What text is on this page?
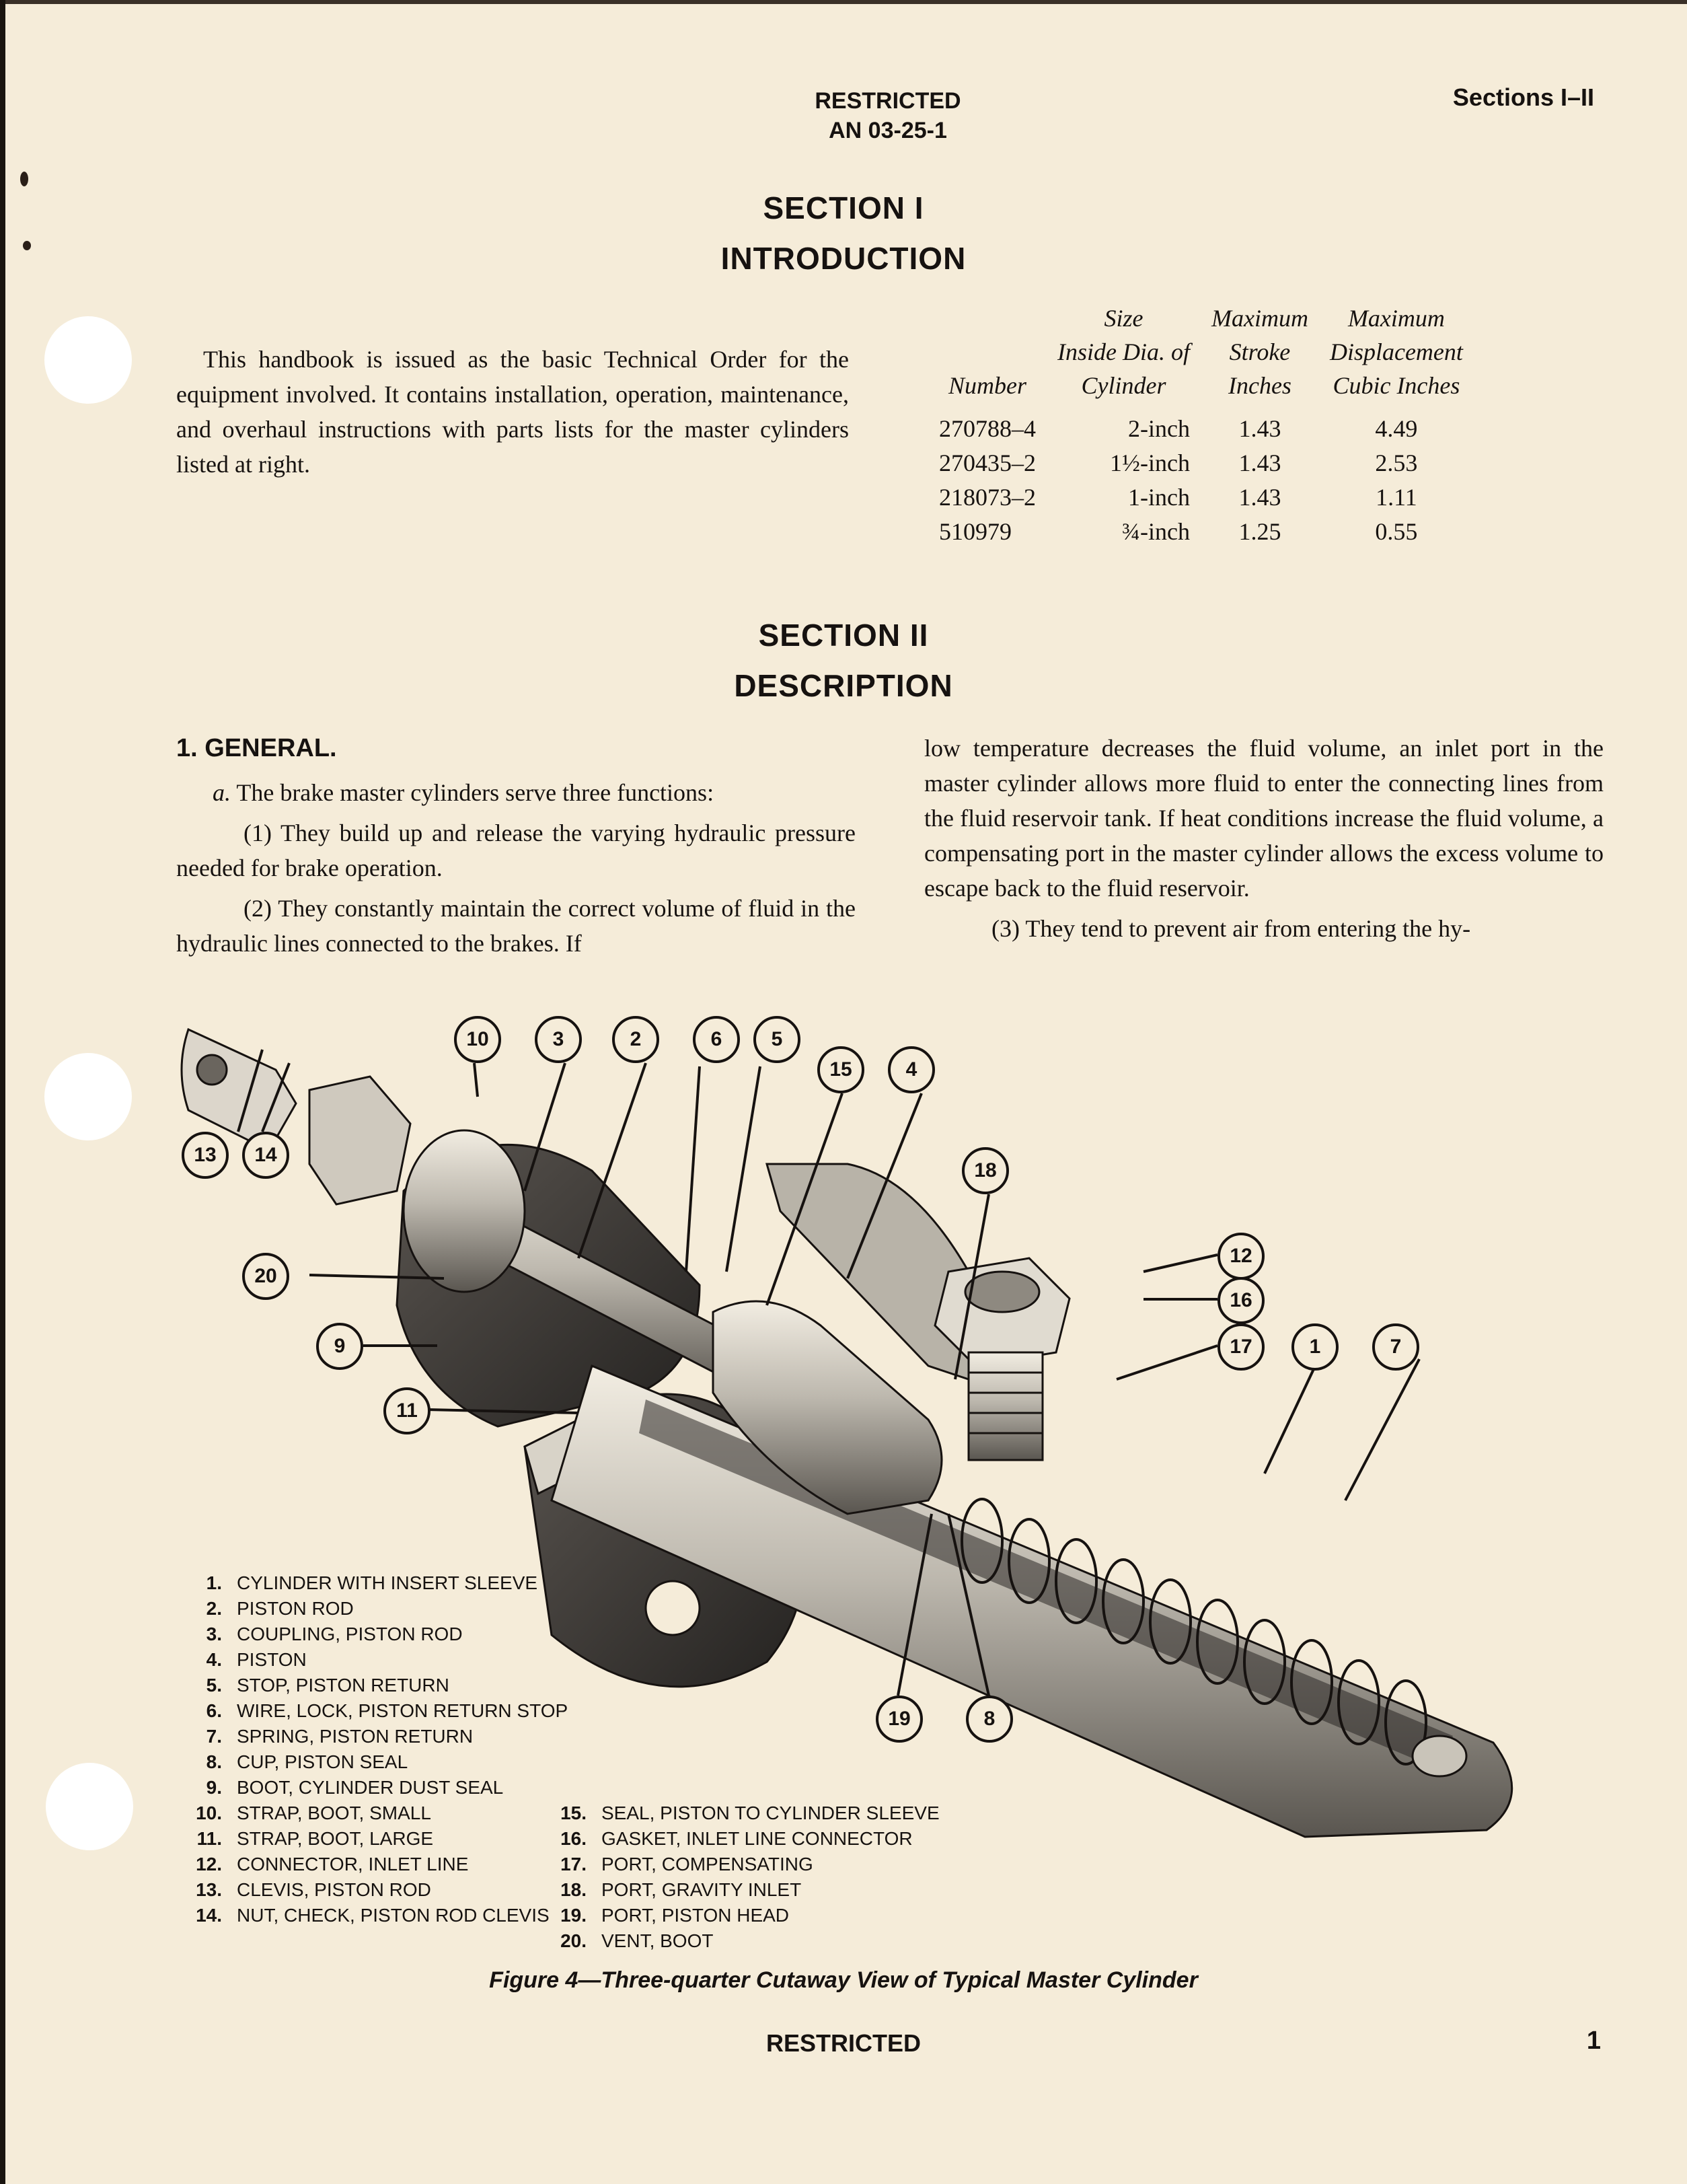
RESTRICTED
AN 03-25-1
Sections I–II
SECTION I
INTRODUCTION

This handbook is issued as the basic Technical Order for the equipment involved. It contains installation, operation, maintenance, and overhaul instructions with parts lists for the master cylinders listed at right.

Number	
Size
Inside Dia. of
Cylinder

Maximum
Stroke
Inches

Maximum
Displacement
Cubic Inches

270788–4	2-inch	1.43	4.49
270435–2	1½-inch	1.43	2.53
218073–2	1-inch	1.43	1.11
510979	¾-inch	1.25	0.55
SECTION II
DESCRIPTION
1. GENERAL.

a. The brake master cylinders serve three functions:

(1) They build up and release the varying hydraulic pressure needed for brake operation.

(2) They constantly maintain the correct volume of fluid in the hydraulic lines connected to the brakes. If

low temperature decreases the fluid volume, an inlet port in the master cylinder allows more fluid to enter the connecting lines from the fluid reservoir tank. If heat conditions increase the fluid volume, a compensating port in the master cylinder allows the excess volume to escape back to the fluid reservoir.

(3) They tend to prevent air from entering the hy-

10	3	2	6	5
15	4
18
12
16
17	1	7
13	14
20
9
11
19	8
1. CYLINDER WITH INSERT SLEEVE
2. PISTON ROD
3. COUPLING, PISTON ROD
4. PISTON
5. STOP, PISTON RETURN
6. WIRE, LOCK, PISTON RETURN STOP
7. SPRING, PISTON RETURN
8. CUP, PISTON SEAL
9. BOOT, CYLINDER DUST SEAL
10. STRAP, BOOT, SMALL
11. STRAP, BOOT, LARGE
12. CONNECTOR, INLET LINE
13. CLEVIS, PISTON ROD
14. NUT, CHECK, PISTON ROD CLEVIS
15. SEAL, PISTON TO CYLINDER SLEEVE
16. GASKET, INLET LINE CONNECTOR
17. PORT, COMPENSATING
18. PORT, GRAVITY INLET
19. PORT, PISTON HEAD
20. VENT, BOOT
Figure 4—Three-quarter Cutaway View of Typical Master Cylinder
RESTRICTED	1
